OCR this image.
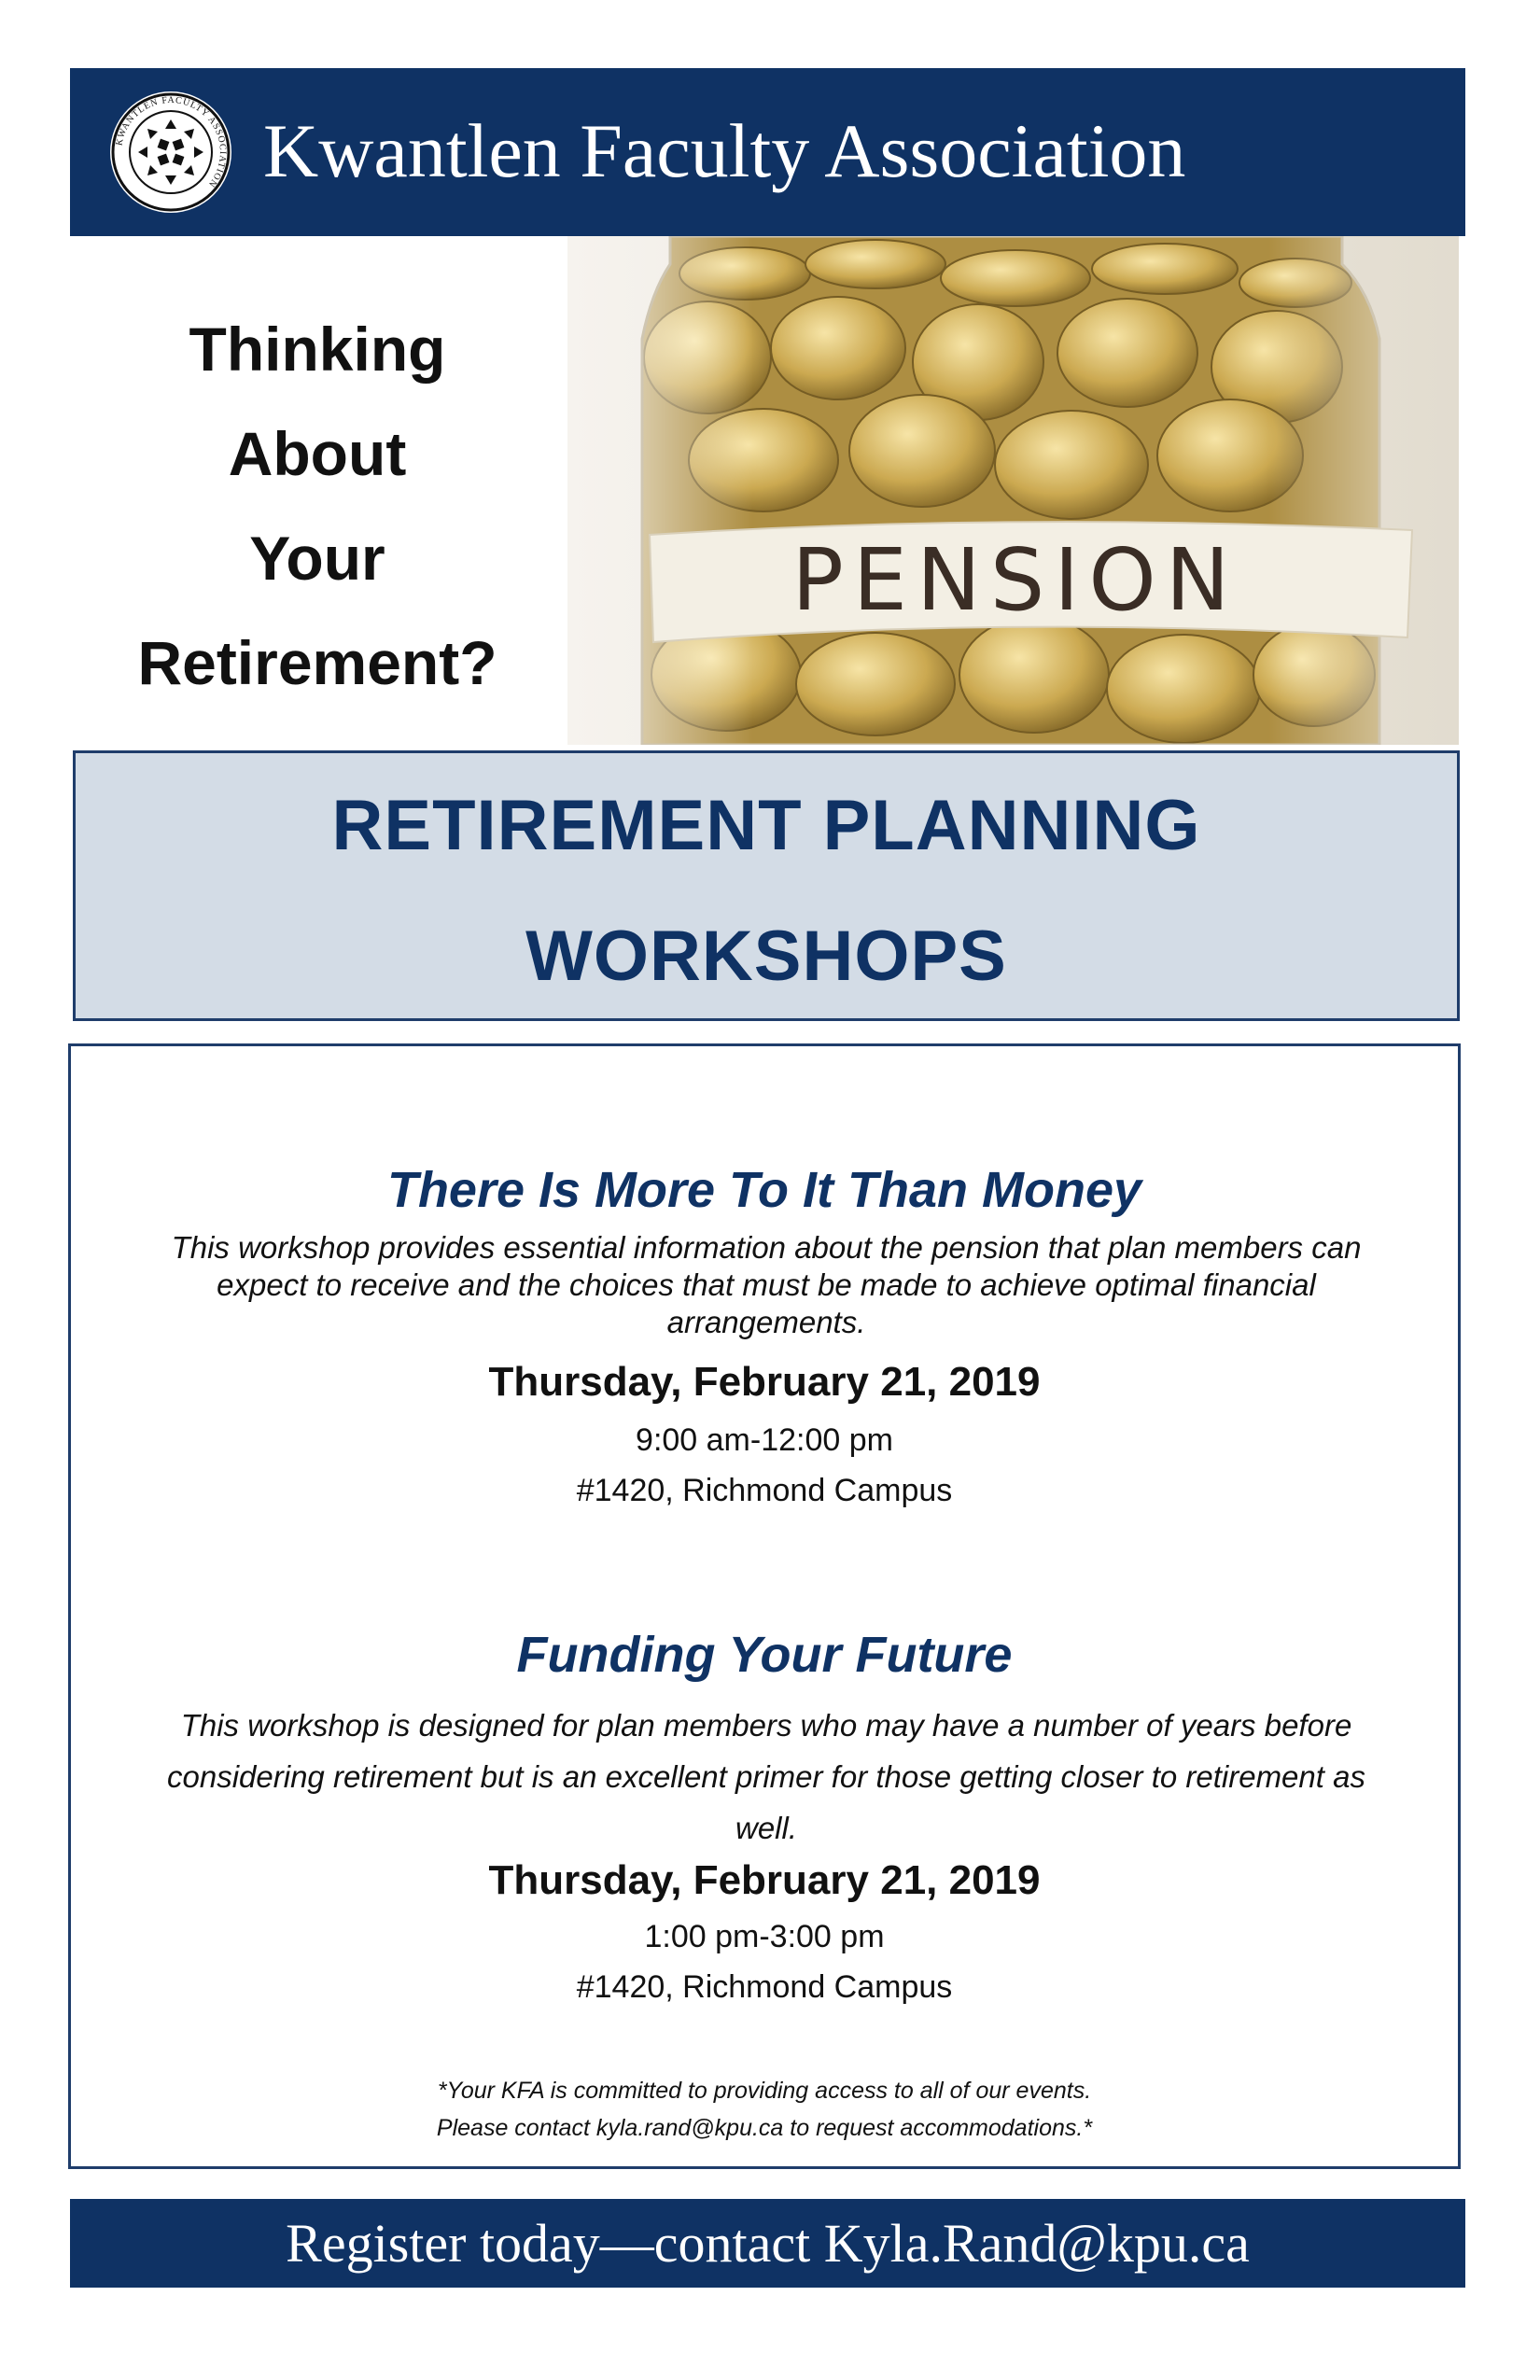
KWANTLEN FACULTY ASSOCIATION Kwantlen Faculty Association
Thinking
About
Your
Retirement?
PENSION
RETIREMENT PLANNING
WORKSHOPS
There Is More To It Than Money
This workshop provides essential information about the pension that plan members can expect to receive and the choices that must be made to achieve optimal financial arrangements.
Thursday, February 21, 2019
9:00 am-12:00 pm
#1420, Richmond Campus
Funding Your Future
This workshop is designed for plan members who may have a number of years before considering retirement but is an excellent primer for those getting closer to retirement as well.
Thursday, February 21, 2019
1:00 pm-3:00 pm
#1420, Richmond Campus
*Your KFA is committed to providing access to all of our events.
Please contact kyla.rand@kpu.ca to request accommodations.*
Register today—contact Kyla.Rand@kpu.ca
